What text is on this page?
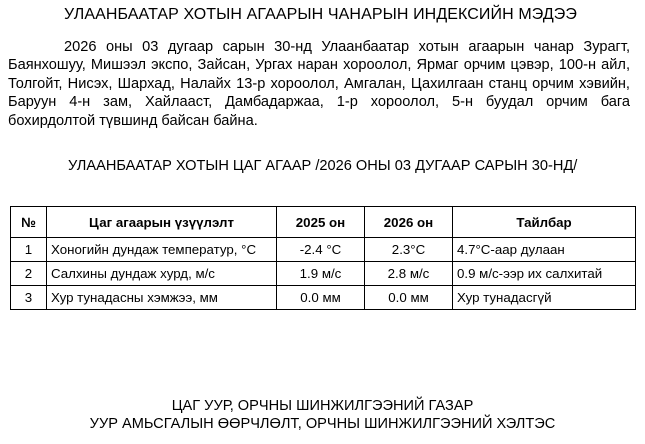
УЛААНБААТАР ХОТЫН АГААРЫН ЧАНАРЫН ИНДЕКСИЙН МЭДЭЭ

2026 оны 03 дугаар сарын 30-нд Улаанбаатар хотын агаарын чанар Зурагт, Баянхошуу, Мишээл экспо, Зайсан, Ургах наран хороолол, Ярмаг орчим цэвэр, 100-н айл, Толгойт, Нисэх, Шархад, Налайх 13-р хороолол, Амгалан, Цахилгаан станц орчим хэвийн, Баруун 4-н зам, Хайлааст, Дамбадаржаа, 1-р хороолол, 5-н буудал орчим бага бохирдолтой түвшинд байсан байна.

УЛААНБААТАР ХОТЫН ЦАГ АГААР /2026 ОНЫ 03 ДУГААР САРЫН 30-НД/
№	Цаг агаарын үзүүлэлт	2025 он	2026 он	Тайлбар
1	Хоногийн дундаж температур, °С	-2.4 °С	2.3°С	4.7°С-аар дулаан
2	Салхины дундаж хурд, м/с	1.9 м/с	2.8 м/с	0.9 м/с-ээр их салхитай
3	Хур тунадасны хэмжээ, мм	0.0 мм	0.0 мм	Хур тунадасгүй
ЦАГ УУР, ОРЧНЫ ШИНЖИЛГЭЭНИЙ ГАЗАР
УУР АМЬСГАЛЫН ӨӨРЧЛӨЛТ, ОРЧНЫ ШИНЖИЛГЭЭНИЙ ХЭЛТЭС
